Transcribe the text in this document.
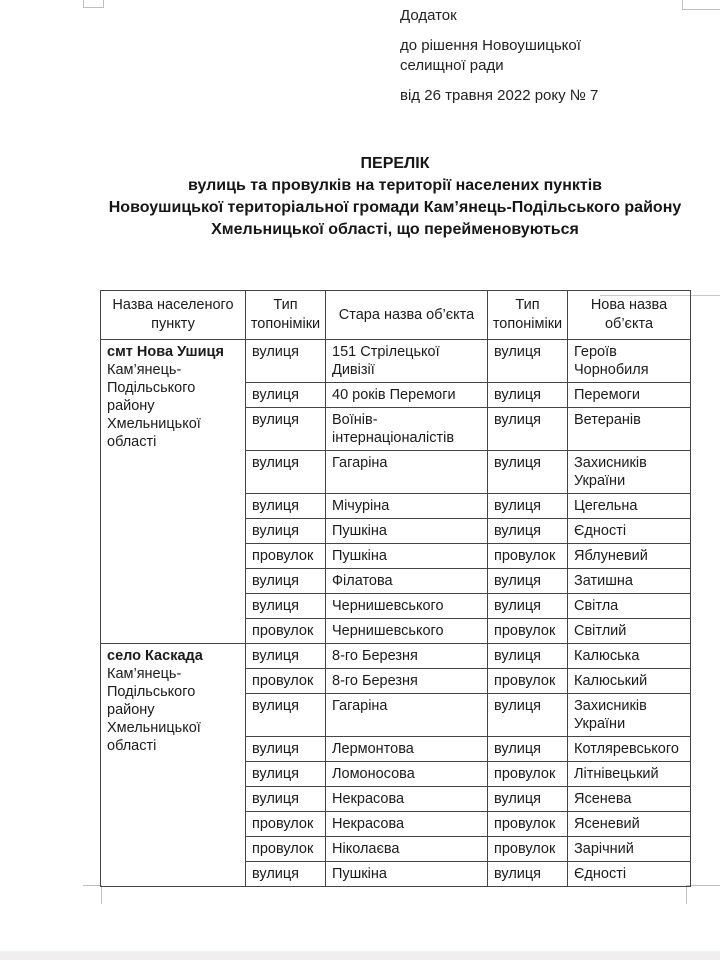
Додаток

до рішення Новоушицької селищної ради

від 26 травня 2022 року № 7

ПЕРЕЛІК
вулиць та провулків на території населених пунктів
Новоушицької територіальної громади Кам’янець-Подільського району
Хмельницької області, що перейменовуються
Назва населеного пункту	Тип топоніміки	Стара назва об’єкта	Тип топоніміки	Нова назва об’єкта

смт Нова Ушиця
Кам’янець-Подільського району Хмельницької області	вулиця	151 Стрілецької Дивізії	вулиця	Героїв Чорнобиля
	вулиця	40 років Перемоги	вулиця	Перемоги
	вулиця	Воїнів-інтернаціоналістів	вулиця	Ветеранів
	вулиця	Гагаріна	вулиця	Захисників України
	вулиця	Мічуріна	вулиця	Цегельна
	вулиця	Пушкіна	вулиця	Єдності
	провулок	Пушкіна	провулок	Яблуневий
	вулиця	Філатова	вулиця	Затишна
	вулиця	Чернишевського	вулиця	Світла
	провулок	Чернишевського	провулок	Світлий

село Каскада
Кам’янець-Подільського району Хмельницької області	вулиця	8-го Березня	вулиця	Калюська
	провулок	8-го Березня	провулок	Калюський
	вулиця	Гагаріна	вулиця	Захисників України
	вулиця	Лермонтова	вулиця	Котляревського
	вулиця	Ломоносова	провулок	Літнівецький
	вулиця	Некрасова	вулиця	Ясенева
	провулок	Некрасова	провулок	Ясеневий
	провулок	Ніколаєва	провулок	Зарічний
	вулиця	Пушкіна	вулиця	Єдності
